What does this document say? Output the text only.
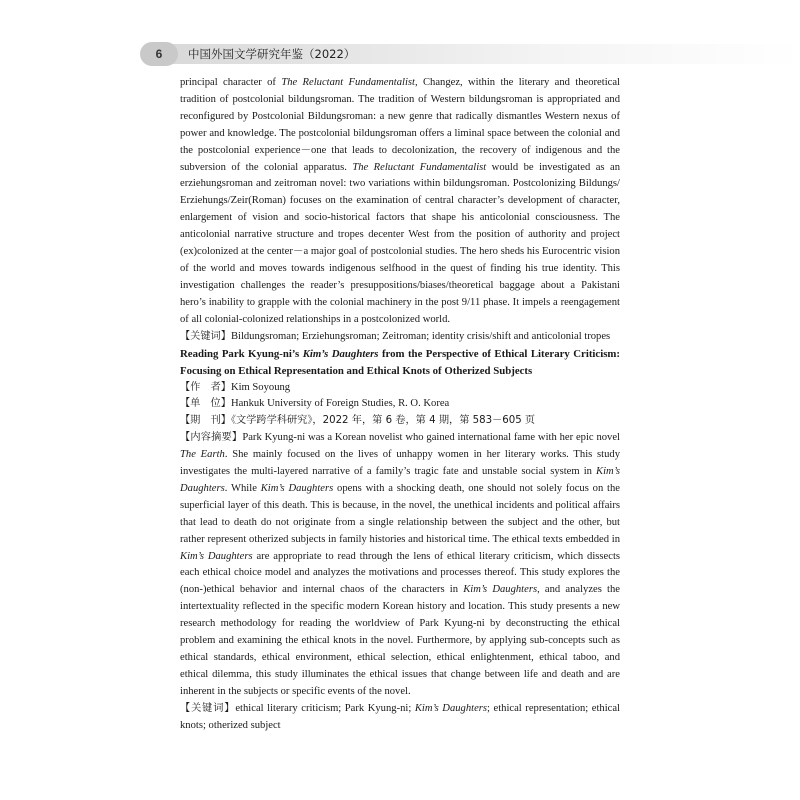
6	中国外国文学研究年鉴（2022）

principal character of The Reluctant Fundamentalist, Changez, within the literary and theoretical tradition of postcolonial bildungsroman. The tradition of Western bildungsroman is appropriated and reconfigured by Postcolonial Bildungsroman: a new genre that radically dismantles Western nexus of power and knowledge. The postcolonial bildungsroman offers a liminal space between the colonial and the postcolonial experience－one that leads to decolonization, the recovery of indigenous and the subversion of the colonial apparatus. The Reluctant Fundamentalist would be investigated as an erziehungsroman and zeitroman novel: two variations within bildungsroman. Postcolonizing Bildungs/ Erziehungs/Zeir(Roman) focuses on the examination of central character’s development of character, enlargement of vision and socio-historical factors that shape his anticolonial consciousness. The anticolonial narrative structure and tropes decenter West from the position of authority and project (ex)colonized at the center－a major goal of postcolonial studies. The hero sheds his Eurocentric vision of the world and moves towards indigenous selfhood in the quest of finding his true identity. This investigation challenges the reader’s presuppositions/biases/theoretical baggage about a Pakistani hero’s inability to grapple with the colonial machinery in the post 9/11 phase. It impels a reengagement of all colonial-colonized relationships in a postcolonized world.

【关键词】Bildungsroman; Erziehungsroman; Zeitroman; identity crisis/shift and anticolonial tropes

Reading Park Kyung-ni’s Kim’s Daughters from the Perspective of Ethical Literary Criticism: Focusing on Ethical Representation and Ethical Knots of Otherized Subjects

【作　者】Kim Soyoung

【单　位】Hankuk University of Foreign Studies, R. O. Korea

【期　刊】《文学跨学科研究》，2022 年，第 6 卷，第 4 期，第 583－605 页

【内容摘要】Park Kyung-ni was a Korean novelist who gained international fame with her epic novel The Earth. She mainly focused on the lives of unhappy women in her literary works. This study investigates the multi-layered narrative of a family’s tragic fate and unstable social system in Kim’s Daughters. While Kim’s Daughters opens with a shocking death, one should not solely focus on the superficial layer of this death. This is because, in the novel, the unethical incidents and political affairs that lead to death do not originate from a single relationship between the subject and the other, but rather represent otherized subjects in family histories and historical time. The ethical texts embedded in Kim’s Daughters are appropriate to read through the lens of ethical literary criticism, which dissects each ethical choice model and analyzes the motivations and processes thereof. This study explores the (non-)ethical behavior and internal chaos of the characters in Kim’s Daughters, and analyzes the intertextuality reflected in the specific modern Korean history and location. This study presents a new research methodology for reading the worldview of Park Kyung-ni by deconstructing the ethical problem and examining the ethical knots in the novel. Furthermore, by applying sub-concepts such as ethical standards, ethical environment, ethical selection, ethical enlightenment, ethical taboo, and ethical dilemma, this study illuminates the ethical issues that change between life and death and are inherent in the subjects or specific events of the novel.

【关键词】ethical literary criticism; Park Kyung-ni; Kim’s Daughters; ethical representation; ethical knots; otherized subject
